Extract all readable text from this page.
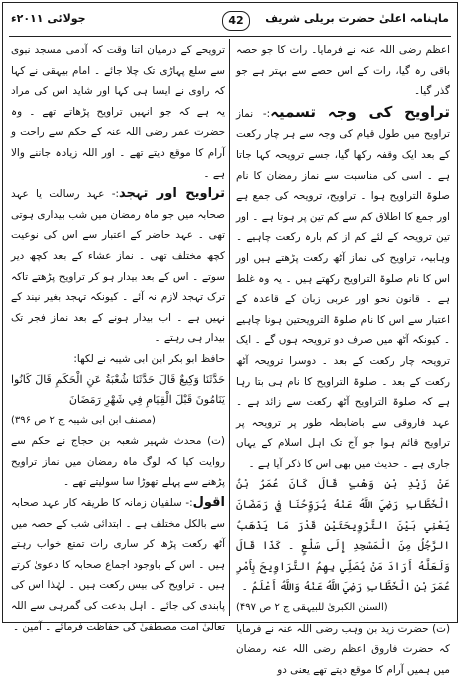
ماہنامہ اعلیٰ حضرت بریلی شریف
42
جولائی ۲۰۱۱ء

اعظم رضی اللہ عنہ نے فرمایا۔ رات کا جو حصہ باقی رہ گیا، رات کے اس حصے سے بہتر ہے جو گذر گیا۔

تراویح کی وجہ تسمیہ:- نماز تراویح میں طول قیام کی وجہ سے ہر چار رکعت کے بعد ایک وقفہ رکھا گیا، جسے ترویحہ کہا جاتا ہے ۔ اسی کی مناسبت سے نماز رمضان کا نام صلوۃ التراویح ہوا ۔ تراویح، ترویحہ کی جمع ہے اور جمع کا اطلاق کم سے کم تین پر ہوتا ہے ۔ اور تین ترویحہ کے لئے کم از کم بارہ رکعت چاہیے ۔ وہابیہ، تراویح کی نماز آٹھ رکعت پڑھتے ہیں اور اس کا نام صلوۃ التراویح رکھتے ہیں ۔ یہ وہ غلط ہے ۔ قانون نحو اور عربی زبان کے قاعدہ کے اعتبار سے اس کا نام صلوۃ الترویحتین ہونا چاہیے ۔ کیونکہ آٹھ میں صرف دو ترویحہ ہوں گے ۔ ایک ترویحہ چار رکعت کے بعد ۔ دوسرا ترویحہ آٹھ رکعت کے بعد ۔ صلوۃ التراویح کا نام ہی بتا رہا ہے کہ صلوۃ التراویح آٹھ رکعت سے زائد ہے ۔ عہد فاروقی سے باضابطہ طور پر ترویحہ پر تراویح قائم ہوا جو آج تک اہل اسلام کے یہاں جاری ہے ۔ حدیث میں بھی اس کا ذکر آیا ہے ۔

عَنْ زَيْدِ بْنِ وَهْبٍ قَالَ كَانَ عُمَرُ بْنُ الْخَطَّابِ رَضِيَ اللَّهُ عَنْهُ يُرَوِّحُنَا فِي رَمَضَانَ يَعْنِي بَيْنَ التَّرْوِيحَتَيْنِ قَدْرَ مَا يَذْهَبُ الرَّجُلُ مِنَ الْمَسْجِدِ إِلَى سَلْعٍ ۔ كَذَا قَالَ وَلَعَلَّهُ أَرَادَ مَنْ يُصَلِّي بِهِمُ التَّرَاوِيحَ بِأَمْرِ عُمَرَ بْنِ الْخَطَّابِ رَضِيَ اللَّهُ عَنْهُ وَاللَّهُ أَعْلَمُ ۔

(السنن الکبریٰ للبیہقی ج ۲ ص ۴۹۷)

(ت) حضرت زید بن وہب رضی اللہ عنہ نے فرمایا کہ حضرت فاروق اعظم رضی اللہ عنہ رمضان میں ہمیں آرام کا موقع دیتے تھے یعنی دو

ترویحے کے درمیان اتنا وقت کہ آدمی مسجد نبوی سے سلع پہاڑی تک چلا جائے ۔ امام بیہقی نے کہا کہ راوی نے ایسا ہی کہا اور شاید اس کی مراد یہ ہے کہ جو انہیں تراویح پڑھاتے تھے ۔ وہ حضرت عمر رضی اللہ عنہ کے حکم سے راحت و آرام کا موقع دیتے تھے ۔ اور اللہ زیادہ جاننے والا ہے ۔

تراویح اور تہجد:- عہد رسالت یا عہد صحابہ میں جو ماہ رمضان میں شب بیداری ہوتی تھی ۔ عہد حاضر کے اعتبار سے اس کی نوعیت کچھ مختلف تھی ۔ نماز عشاء کے بعد کچھ دیر سوتے ۔ اس کے بعد بیدار ہو کر تراویح پڑھتے تاکہ ترک تہجد لازم نہ آئے ۔ کیونکہ تہجد بغیر نیند کے نہیں ہے ۔ اب بیدار ہونے کے بعد نماز فجر تک بیدار ہی رہتے ۔

حافظ ابو بکر ابن ابی شیبہ نے لکھا:

حَدَّثَنَا وَكِيعٌ قَالَ حَدَّثَنَا شُعْبَةُ عَنِ الْحَكَمِ قَالَ كَانُوا يَنَامُونَ قَبْلَ الْقِيَامِ فِي شَهْرِ رَمَضَانَ

(مصنف ابن ابی شیبہ ج ۲ ص ۳۹۶)

(ت) محدث شہیر شعبہ بن حجاج نے حکم سے روایت کیا کہ لوگ ماہ رمضان میں نماز تراویح پڑھنے سے پہلے تھوڑا سا سولیتے تھے ۔

اقول:- سلفیان زمانہ کا طریقہ کار عہد صحابہ سے بالکل مختلف ہے ۔ ابتدائی شب کے حصہ میں آٹھ رکعت پڑھ کر ساری رات تمتع خواب رہتے ہیں ۔ اس کے باوجود اجماع صحابہ کا دعویٰ کرتے ہیں ۔ تراویح کی بیس رکعت ہیں ۔ لہٰذا اس کی پابندی کی جائے ۔ اہل بدعت کی گمرہی سے اللہ تعالیٰ امت مصطفیٰ کی حفاظت فرمائے ۔ آمین ۔
